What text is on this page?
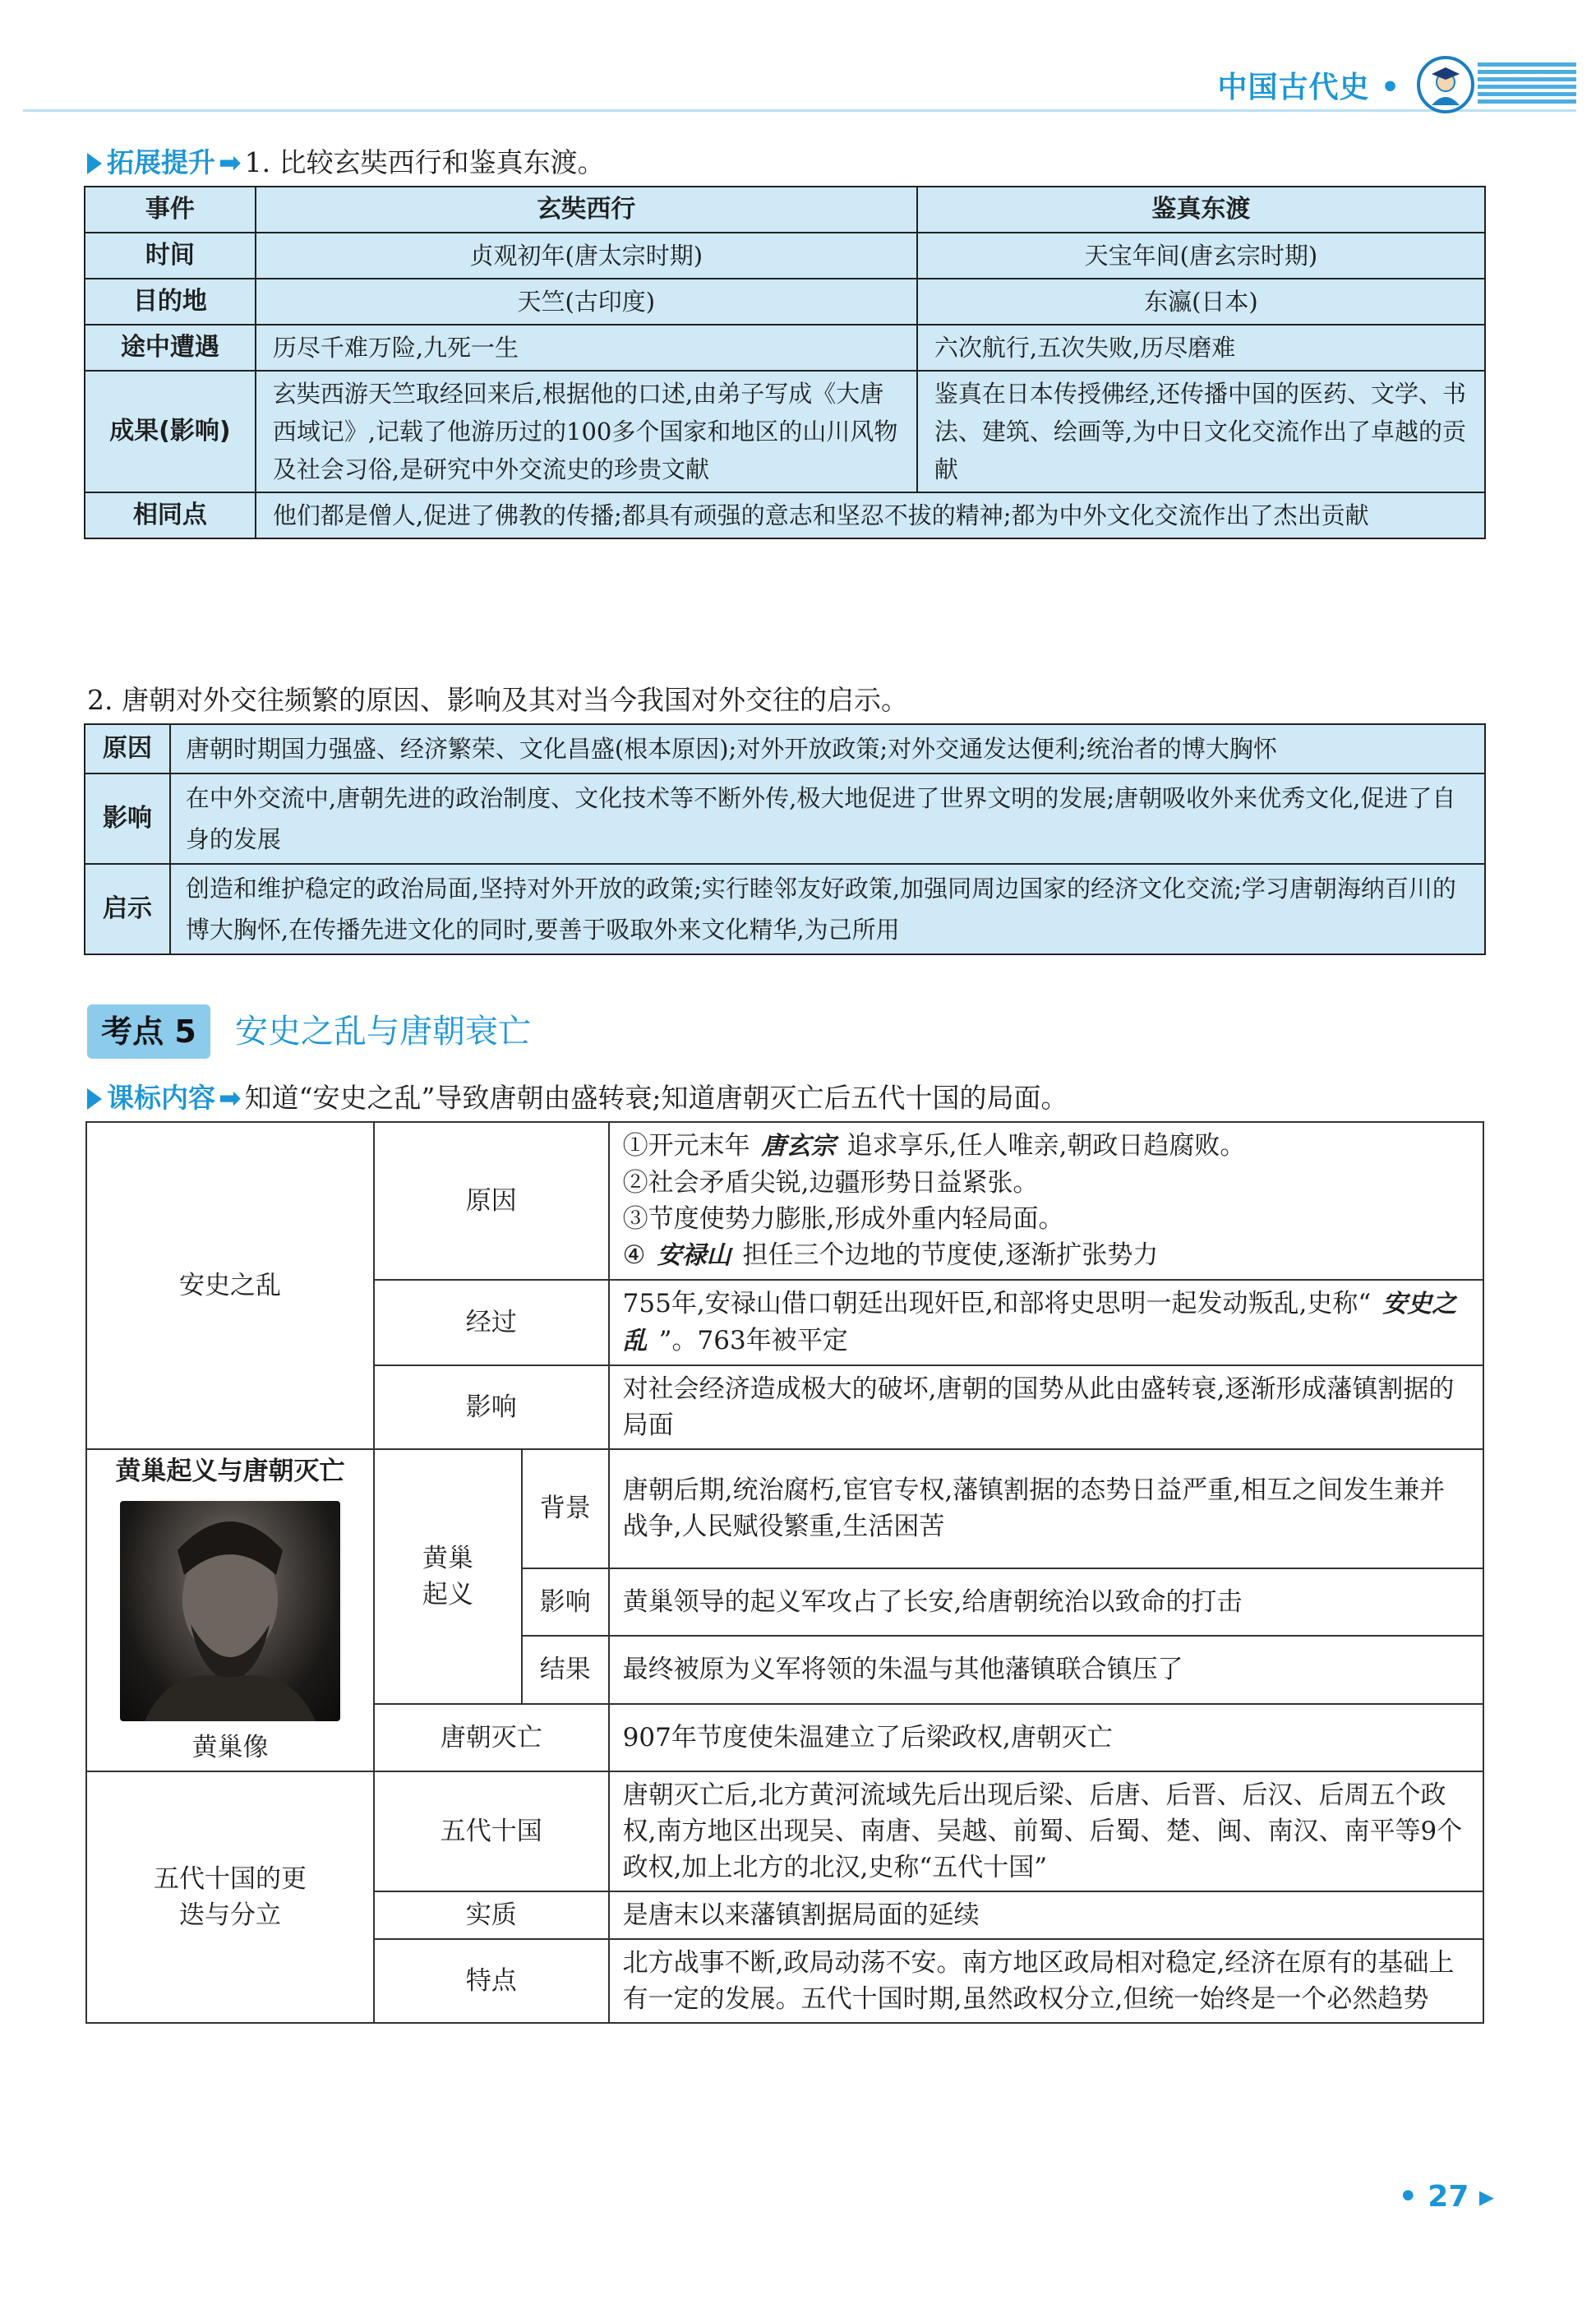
中国古代史 •
拓展提升 ➡ 1. 比较玄奘西行和鉴真东渡。
事件	玄奘西行	鉴真东渡
时间	贞观初年(唐太宗时期)	天宝年间(唐玄宗时期)
目的地	天竺(古印度)	东瀛(日本)
途中遭遇	历尽千难万险,九死一生	六次航行,五次失败,历尽磨难
成果(影响)	玄奘西游天竺取经回来后,根据他的口述,由弟子写成《大唐西域记》,记载了他游历过的100多个国家和地区的山川风物及社会习俗,是研究中外交流史的珍贵文献	鉴真在日本传授佛经,还传播中国的医药、文学、书法、建筑、绘画等,为中日文化交流作出了卓越的贡献
相同点	他们都是僧人,促进了佛教的传播;都具有顽强的意志和坚忍不拔的精神;都为中外文化交流作出了杰出贡献	
2. 唐朝对外交往频繁的原因、影响及其对当今我国对外交往的启示。
原因	唐朝时期国力强盛、经济繁荣、文化昌盛(根本原因);对外开放政策;对外交通发达便利;统治者的博大胸怀
影响	在中外交流中,唐朝先进的政治制度、文化技术等不断外传,极大地促进了世界文明的发展;唐朝吸收外来优秀文化,促进了自身的发展
启示	创造和维护稳定的政治局面,坚持对外开放的政策;实行睦邻友好政策,加强同周边国家的经济文化交流;学习唐朝海纳百川的博大胸怀,在传播先进文化的同时,要善于吸取外来文化精华,为己所用
考点 5	安史之乱与唐朝衰亡
课标内容 ➡ 知道“安史之乱”导致唐朝由盛转衰;知道唐朝灭亡后五代十国的局面。
安史之乱	原因		①开元末年 唐玄宗 追求享乐,任人唯亲,朝政日趋腐败。
②社会矛盾尖锐,边疆形势日益紧张。
③节度使势力膨胀,形成外重内轻局面。
④ 安禄山 担任三个边地的节度使,逐渐扩张势力

	经过		755年,安禄山借口朝廷出现奸臣,和部将史思明一起发动叛乱,史称“ 安史之乱 ”。763年被平定
	影响		对社会经济造成极大的破坏,唐朝的国势从此由盛转衰,逐渐形成藩镇割据的局面

黄巢起义与唐朝灭亡
黄巢像	黄巢起义	背景	唐朝后期,统治腐朽,宦官专权,藩镇割据的态势日益严重,相互之间发生兼并战争,人民赋役繁重,生活困苦
		影响	黄巢领导的起义军攻占了长安,给唐朝统治以致命的打击
		结果	最终被原为义军将领的朱温与其他藩镇联合镇压了
	唐朝灭亡		907年节度使朱温建立了后梁政权,唐朝灭亡

五代十国的更迭与分立	五代十国		唐朝灭亡后,北方黄河流域先后出现后梁、后唐、后晋、后汉、后周五个政权,南方地区出现吴、南唐、吴越、前蜀、后蜀、楚、闽、南汉、南平等9个政权,加上北方的北汉,史称“五代十国”
	实质		是唐末以来藩镇割据局面的延续
	特点		北方战事不断,政局动荡不安。南方地区政局相对稳定,经济在原有的基础上有一定的发展。五代十国时期,虽然政权分立,但统一始终是一个必然趋势
• 27 ▸
